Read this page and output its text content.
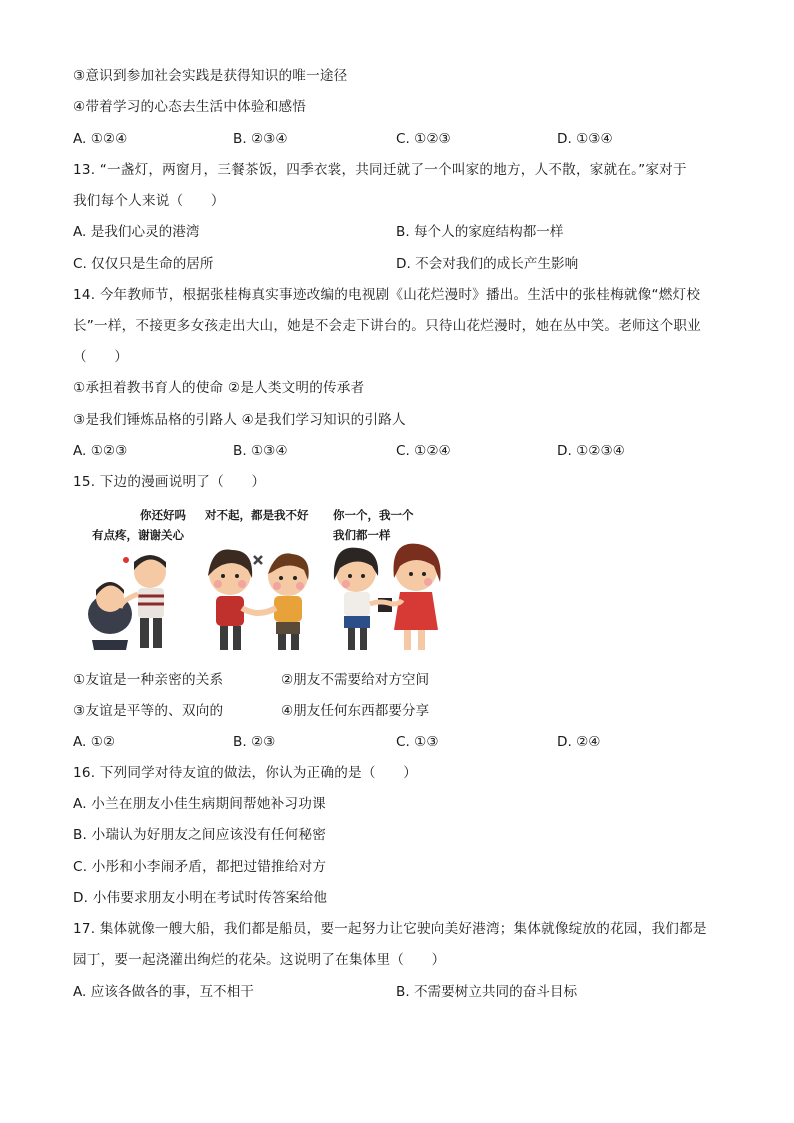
③意识到参加社会实践是获得知识的唯一途径
④带着学习的心态去生活中体验和感悟
A. ①②④	B. ②③④	C. ①②③	D. ①③④
13. “一盏灯，两窗月，三餐茶饭，四季衣裳，共同迁就了一个叫家的地方，人不散，家就在。”家对于
我们每个人来说（　　）
A. 是我们心灵的港湾	B. 每个人的家庭结构都一样
C. 仅仅只是生命的居所	D. 不会对我们的成长产生影响
14. 今年教师节，根据张桂梅真实事迹改编的电视剧《山花烂漫时》播出。生活中的张桂梅就像“燃灯校
长”一样，不接更多女孩走出大山，她是不会走下讲台的。只待山花烂漫时，她在丛中笑。老师这个职业
（　　）
①承担着教书育人的使命 ②是人类文明的传承者
③是我们锤炼品格的引路人 ④是我们学习知识的引路人
A. ①②③	B. ①③④	C. ①②④	D. ①②③④
15. 下边的漫画说明了（　　）
你还好吗
有点疼，谢谢关心
对不起，都是我不好 你一个，我一个
我们都一样
①友谊是一种亲密的关系	②朋友不需要给对方空间
③友谊是平等的、双向的	④朋友任何东西都要分享
A. ①②	B. ②③	C. ①③	D. ②④
16. 下列同学对待友谊的做法，你认为正确的是（　　）
A. 小兰在朋友小佳生病期间帮她补习功课
B. 小瑞认为好朋友之间应该没有任何秘密
C. 小彤和小李闹矛盾，都把过错推给对方
D. 小伟要求朋友小明在考试时传答案给他
17. 集体就像一艘大船，我们都是船员，要一起努力让它驶向美好港湾；集体就像绽放的花园，我们都是
园丁，要一起浇灌出绚烂的花朵。这说明了在集体里（　　）
A. 应该各做各的事，互不相干	B. 不需要树立共同的奋斗目标
